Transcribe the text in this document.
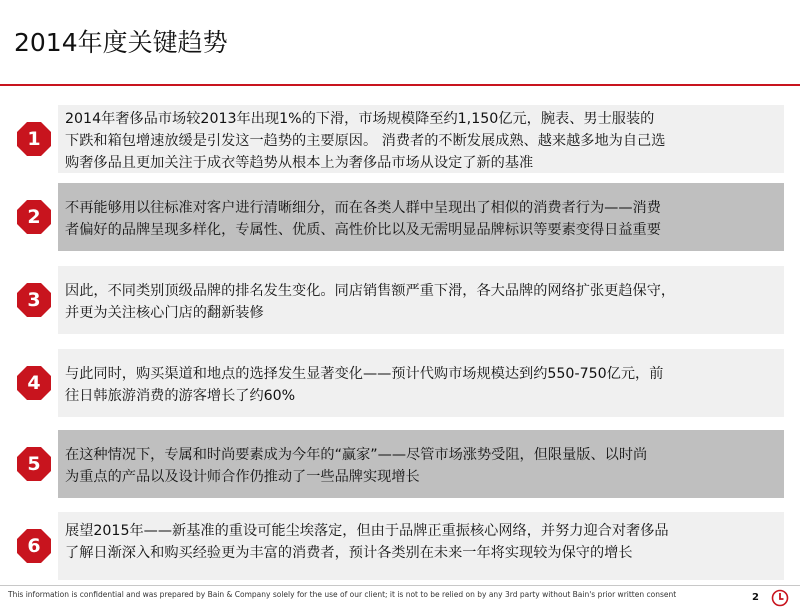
2014年度关键趋势
1
2014年奢侈品市场较2013年出现1%的下滑，市场规模降至约1,150亿元，腕表、男士服装的
下跌和箱包增速放缓是引发这一趋势的主要原因。 消费者的不断发展成熟、越来越多地为自己选
购奢侈品且更加关注于成衣等趋势从根本上为奢侈品市场从设定了新的基准
2	不再能够用以往标准对客户进行清晰细分，而在各类人群中呈现出了相似的消费者行为——消费
者偏好的品牌呈现多样化，专属性、优质、高性价比以及无需明显品牌标识等要素变得日益重要
3	因此，不同类别顶级品牌的排名发生变化。同店销售额严重下滑，各大品牌的网络扩张更趋保守，
并更为关注核心门店的翻新装修
4	与此同时，购买渠道和地点的选择发生显著变化——预计代购市场规模达到约550-750亿元，前
往日韩旅游消费的游客增长了约60%
5	在这种情况下，专属和时尚要素成为今年的“赢家”——尽管市场涨势受阻，但限量版、以时尚
为重点的产品以及设计师合作仍推动了一些品牌实现增长
6
展望2015年——新基准的重设可能尘埃落定，但由于品牌正重振核心网络，并努力迎合对奢侈品
了解日渐深入和购买经验更为丰富的消费者，预计各类别在未来一年将实现较为保守的增长
This information is confidential and was prepared by Bain & Company solely for the use of our client; it is not to be relied on by any 3rd party without Bain's prior written consent	2
